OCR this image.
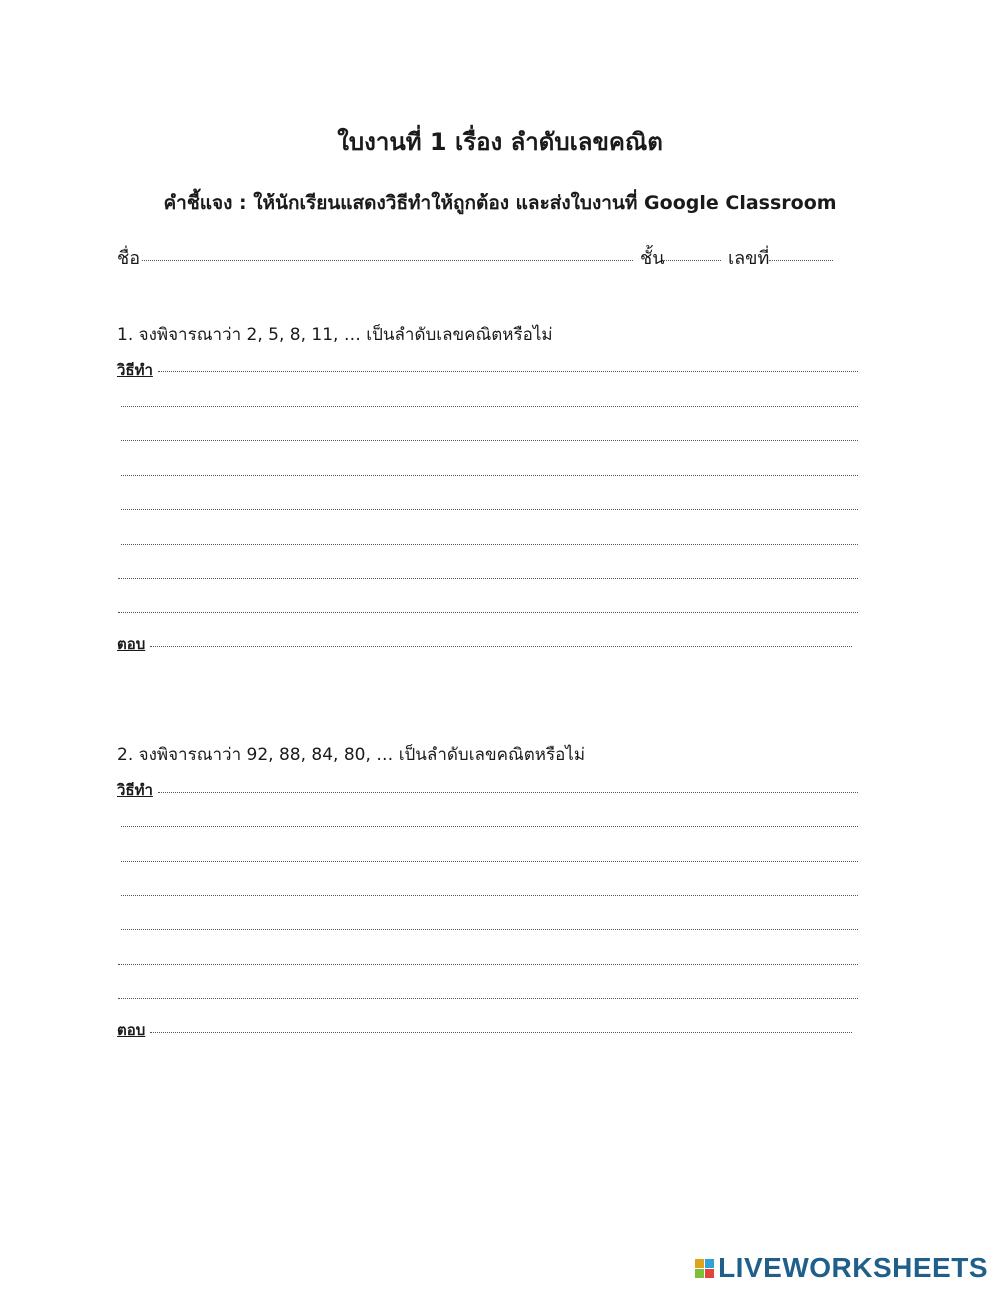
ใบงานที่ 1 เรื่อง ลำดับเลขคณิต
คำชี้แจง : ให้นักเรียนแสดงวิธีทำให้ถูกต้อง และส่งใบงานที่ Google Classroom
ชื่อ	ชั้น	เลขที่
1. จงพิจารณาว่า 2, 5, 8, 11, … เป็นลำดับเลขคณิตหรือไม่
วิธีทำ
ตอบ
2. จงพิจารณาว่า 92, 88, 84, 80, … เป็นลำดับเลขคณิตหรือไม่
วิธีทำ
ตอบ
LIVEWORKSHEETS
